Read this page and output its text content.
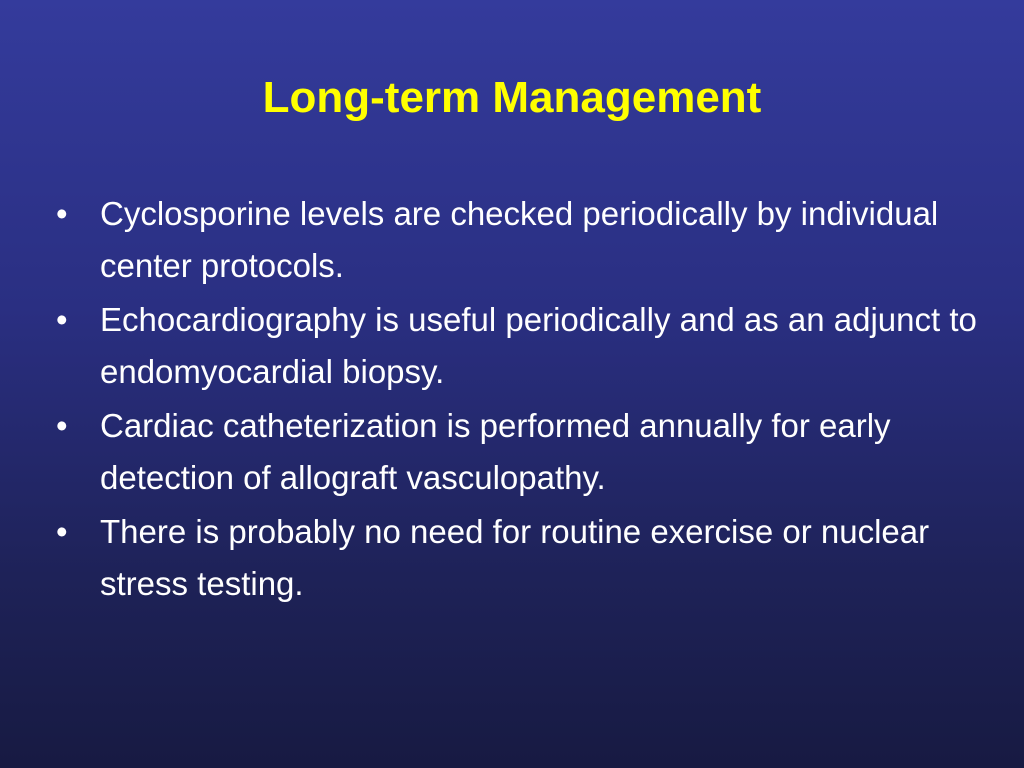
Long-term Management
• Cyclosporine levels are checked periodically by individual center protocols.
• Echocardiography is useful periodically and as an adjunct to endomyocardial biopsy.
• Cardiac catheterization is performed annually for early detection of allograft vasculopathy.
• There is probably no need for routine exercise or nuclear stress testing.
